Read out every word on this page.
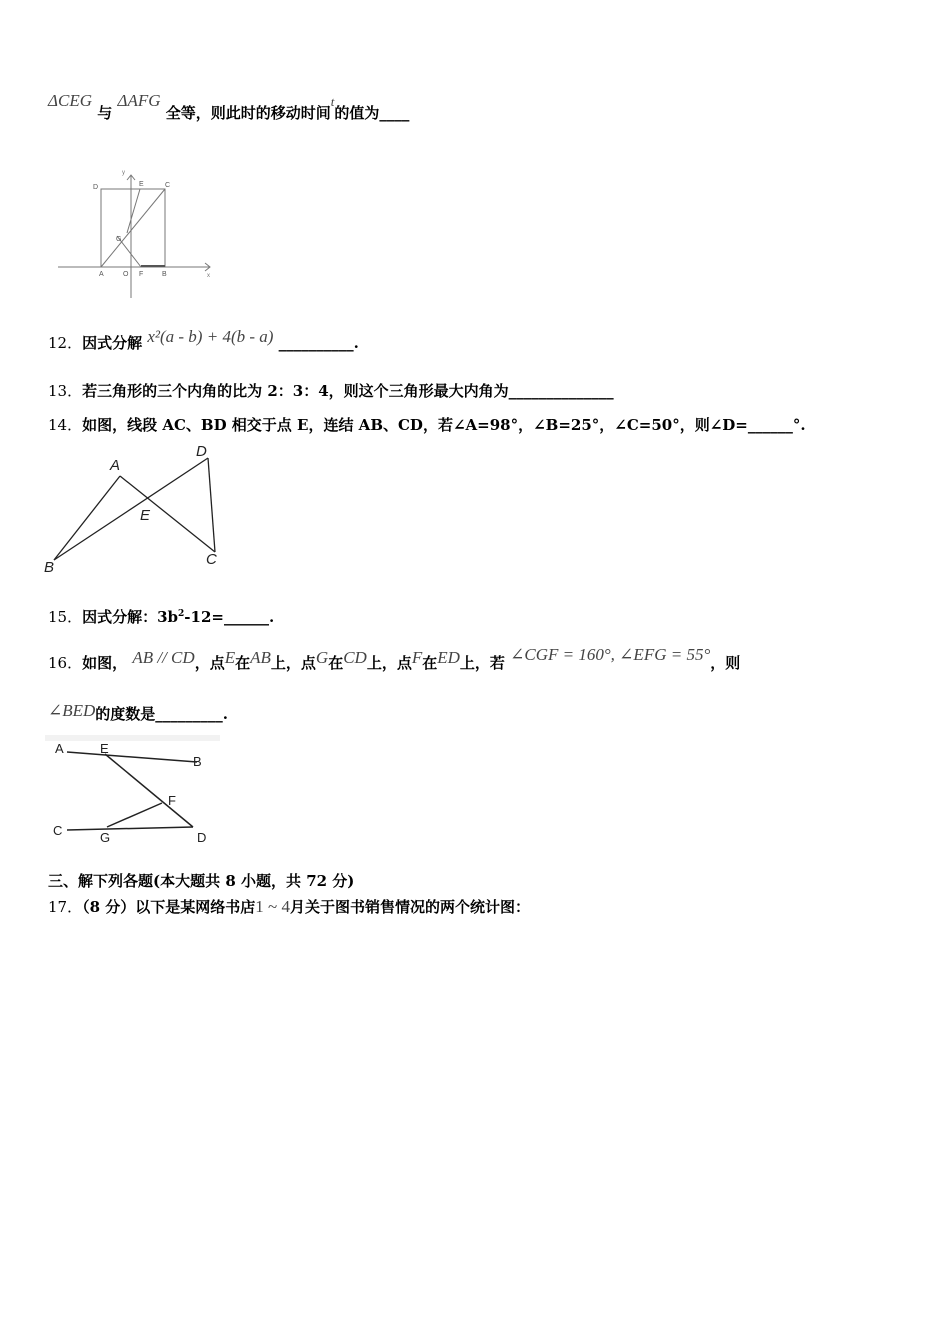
ΔCEG 与 ΔAFG 全等，则此时的移动时间t的值为____
D	E	C
G
A	O F	B
y
x
12．因式分解 x²(a - b) + 4(b - a) __________.
13．若三角形的三个内角的比为 2：3：4，则这个三角形最大内角为______________
14．如图，线段 AC、BD 相交于点 E，连结 AB、CD，若∠A=98°，∠B=25°，∠C=50°，则∠D=______°.
A
D
E
B	C
15．因式分解：$3b^2-12=\_\_\_\_\_\_$.
16．如图， AB // CD，点E在AB上，点G在CD上，点F在ED上，若 ∠CGF = 160°, ∠EFG = 55°，则
∠BED的度数是_________.
A	E
B
F
C	G	D
三、解下列各题(本大题共 8 小题，共 72 分)
17．（8 分）以下是某网络书店1 ~ 4月关于图书销售情况的两个统计图：
